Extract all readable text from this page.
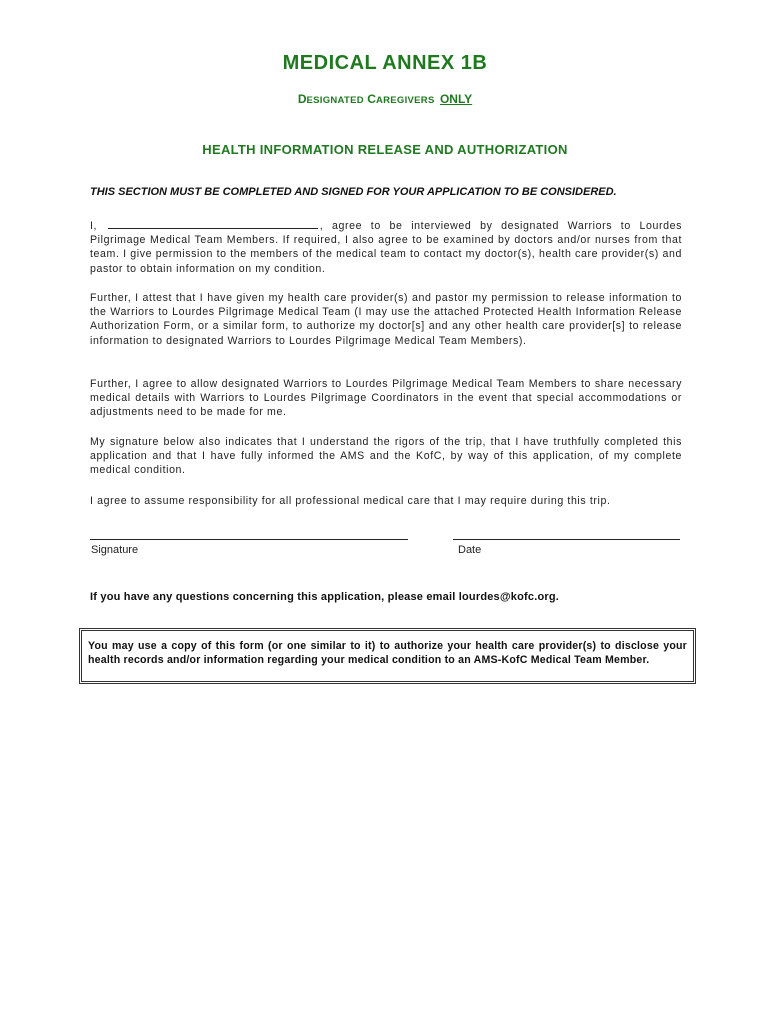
MEDICAL ANNEX 1B
DESIGNATED CAREGIVERS ONLY
HEALTH INFORMATION RELEASE AND AUTHORIZATION
THIS SECTION MUST BE COMPLETED AND SIGNED FOR YOUR APPLICATION TO BE CONSIDERED.
I,	, agree to be interviewed by designated Warriors to Lourdes Pilgrimage Medical Team Members. If required, I also agree to be examined by doctors and/or nurses from that team. I give permission to the members of the medical team to contact my doctor(s), health care provider(s) and pastor to obtain information on my condition.
Further, I attest that I have given my health care provider(s) and pastor my permission to release information to the Warriors to Lourdes Pilgrimage Medical Team (I may use the attached Protected Health Information Release Authorization Form, or a similar form, to authorize my doctor[s] and any other health care provider[s] to release information to designated Warriors to Lourdes Pilgrimage Medical Team Members).
Further, I agree to allow designated Warriors to Lourdes Pilgrimage Medical Team Members to share necessary medical details with Warriors to Lourdes Pilgrimage Coordinators in the event that special accommodations or adjustments need to be made for me.
My signature below also indicates that I understand the rigors of the trip, that I have truthfully completed this application and that I have fully informed the AMS and the KofC, by way of this application, of my complete medical condition.
I agree to assume responsibility for all professional medical care that I may require during this trip.
Signature	Date
If you have any questions concerning this application, please email lourdes@kofc.org.
You may use a copy of this form (or one similar to it) to authorize your health care provider(s) to disclose your health records and/or information regarding your medical condition to an AMS-KofC Medical Team Member.
